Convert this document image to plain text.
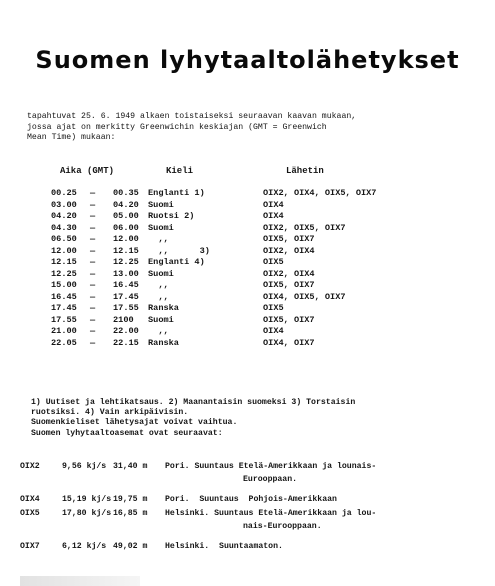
Suomen lyhytaaltolähetykset
tapahtuvat 25. 6. 1949 alkaen toistaiseksi seuraavan kaavan mukaan,
jossa ajat on merkitty Greenwichin keskiajan (GMT = Greenwich
Mean Time) mukaan:
Aika (GMT)	Kieli	Lähetin
00.25 — 00.35 Englanti 1)	OIX2, OIX4, OIX5, OIX7
03.00 — 04.20 Suomi	OIX4
04.20 — 05.00 Ruotsi 2)	OIX4
04.30 — 06.00 Suomi	OIX2, OIX5, OIX7
06.50 — 12.00 ,,	OIX5, OIX7
12.00 — 12.15 ,,      3)	OIX2, OIX4
12.15 — 12.25 Englanti 4)	OIX5
12.25 — 13.00 Suomi	OIX2, OIX4
15.00 — 16.45 ,,	OIX5, OIX7
16.45 — 17.45 ,,	OIX4, OIX5, OIX7
17.45 — 17.55 Ranska	OIX5
17.55 — 2100 Suomi	OIX5, OIX7
21.00 — 22.00 ,,	OIX4
22.05 — 22.15 Ranska	OIX4, OIX7
1) Uutiset ja lehtikatsaus. 2) Maanantaisin suomeksi 3) Torstaisin
ruotsiksi. 4) Vain arkipäivisin.
Suomenkieliset lähetysajat voivat vaihtua.
Suomen lyhytaaltoasemat ovat seuraavat:
OIX2	9,56 kj/s 31,40 m Pori. Suuntaus Etelä-Amerikkaan ja lounais-
Eurooppaan.
OIX4	15,19 kj/s 19,75 m Pori.  Suuntaus  Pohjois-Amerikkaan
OIX5	17,80 kj/s 16,85 m Helsinki. Suuntaus Etelä-Amerikkaan ja lou-
nais-Eurooppaan.
OIX7	6,12 kj/s 49,02 m Helsinki.  Suuntaamaton.
